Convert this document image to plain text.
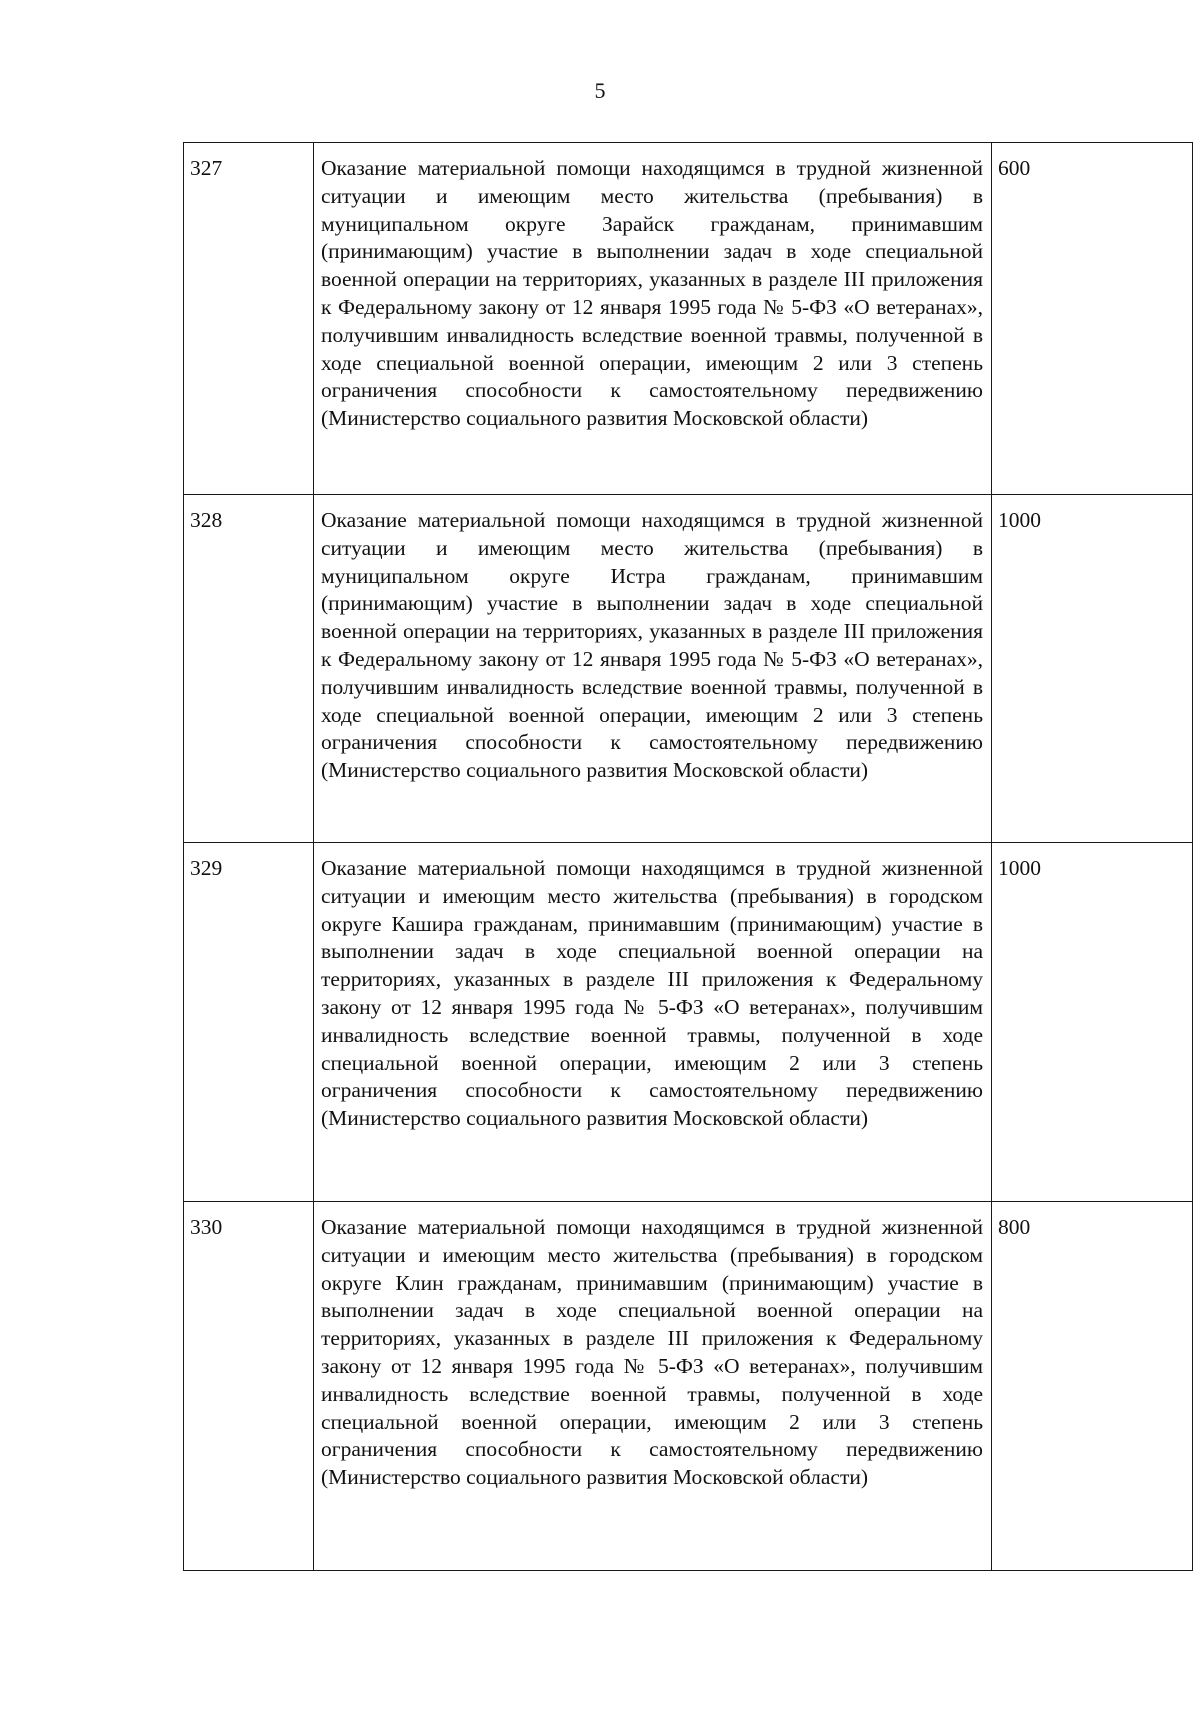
5
327	Оказание материальной помощи находящимся в трудной жизненной ситуации и имеющим место жительства (пребывания) в муниципальном округе Зарайск гражданам, принимавшим (принимающим) участие в выполнении задач в ходе специальной военной операции на территориях, указанных в разделе III приложения к Федеральному закону от 12 января 1995 года № 5-ФЗ «О ветеранах», получившим инвалидность вследствие военной травмы, полученной в ходе специальной военной операции, имеющим 2 или 3 степень ограничения способности к самостоятельному передвижению (Министерство социального развития Московской области)	600
328	Оказание материальной помощи находящимся в трудной жизненной ситуации и имеющим место жительства (пребывания) в муниципальном округе Истра гражданам, принимавшим (принимающим) участие в выполнении задач в ходе специальной военной операции на территориях, указанных в разделе III приложения к Федеральному закону от 12 января 1995 года № 5-ФЗ «О ветеранах», получившим инвалидность вследствие военной травмы, полученной в ходе специальной военной операции, имеющим 2 или 3 степень ограничения способности к самостоятельному передвижению (Министерство социального развития Московской области)	1000
329	Оказание материальной помощи находящимся в трудной жизненной ситуации и имеющим место жительства (пребывания) в городском округе Кашира гражданам, принимавшим (принимающим) участие в выполнении задач в ходе специальной военной операции на территориях, указанных в разделе III приложения к Федеральному закону от 12 января 1995 года № 5-ФЗ «О ветеранах», получившим инвалидность вследствие военной травмы, полученной в ходе специальной военной операции, имеющим 2 или 3 степень ограничения способности к самостоятельному передвижению (Министерство социального развития Московской области)	1000
330	Оказание материальной помощи находящимся в трудной жизненной ситуации и имеющим место жительства (пребывания) в городском округе Клин гражданам, принимавшим (принимающим) участие в выполнении задач в ходе специальной военной операции на территориях, указанных в разделе III приложения к Федеральному закону от 12 января 1995 года № 5-ФЗ «О ветеранах», получившим инвалидность вследствие военной травмы, полученной в ходе специальной военной операции, имеющим 2 или 3 степень ограничения способности к самостоятельному передвижению (Министерство социального развития Московской области)	800
